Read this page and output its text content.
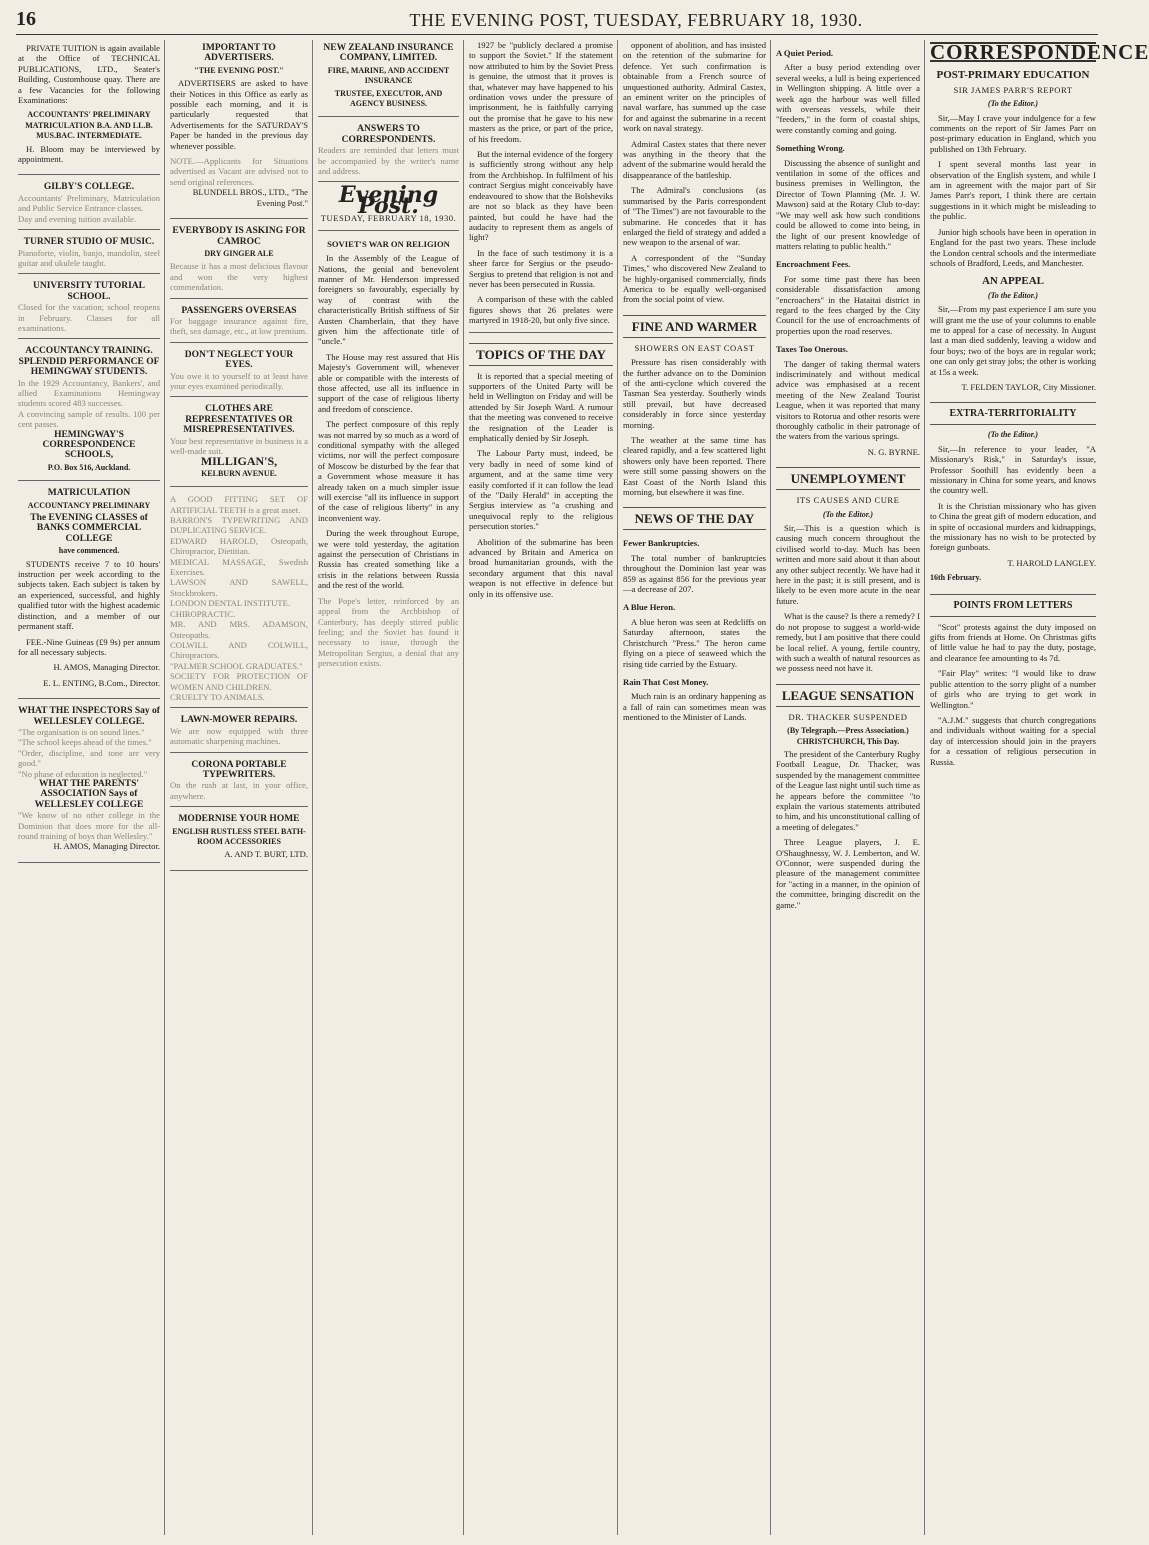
16	THE EVENING POST, TUESDAY, FEBRUARY 18, 1930.

PRIVATE TUITION is again available at the Office of TECHNICAL PUBLICATIONS, LTD., Seater's Building, Customhouse quay. There are a few Vacancies for the following Examinations:

ACCOUNTANTS' PRELIMINARY MATRICULATION B.A. AND LL.B. MUS.BAC. INTERMEDIATE.

H. Bloom may be interviewed by appointment.

GILBY'S COLLEGE.
Accountants' Preliminary, Matriculation and Public Service Entrance classes.
Day and evening tuition available.
TURNER STUDIO OF MUSIC.
Pianoforte, violin, banjo, mandolin, steel guitar and ukulele taught.
UNIVERSITY TUTORIAL SCHOOL.
Closed for the vacation; school reopens in February. Classes for all examinations.
ACCOUNTANCY TRAINING. SPLENDID PERFORMANCE OF HEMINGWAY STUDENTS.
In the 1929 Accountancy, Bankers', and allied Examinations Hemingway students scored 483 successes.
A convincing sample of results. 100 per cent passes.
HEMINGWAY'S CORRESPONDENCE SCHOOLS,
P.O. Box 516, Auckland.
MATRICULATION
ACCOUNTANCY PRELIMINARY
The EVENING CLASSES of BANKS COMMERCIAL COLLEGE
have commenced.

STUDENTS receive 7 to 10 hours' instruction per week according to the subjects taken. Each subject is taken by an experienced, successful, and highly qualified tutor with the highest academic distinction, and a member of our permanent staff.

FEE.-Nine Guineas (£9 9s) per annum for all necessary subjects.

H. AMOS, Managing Director.
E. L. ENTING, B.Com., Director.
WHAT THE INSPECTORS Say of
WELLESLEY COLLEGE.
"The organisation is on sound lines."
"The school keeps ahead of the times."
"Order, discipline, and tone are very good."
"No phase of education is neglected."
WHAT THE PARENTS' ASSOCIATION Says of WELLESLEY COLLEGE
"We know of no other college in the Dominion that does more for the all-round training of boys than Wellesley."
H. AMOS, Managing Director.
IMPORTANT TO ADVERTISERS.
"THE EVENING POST."

ADVERTISERS are asked to have their Notices in this Office as early as possible each morning, and it is particularly requested that Advertisements for the SATURDAY'S Paper be handed in the previous day whenever possible.

NOTE.—Applicants for Situations advertised as Vacant are advised not to send original references.
BLUNDELL BROS., LTD., "The Evening Post."
EVERYBODY IS ASKING FOR CAMROC
DRY GINGER ALE
Because it has a most delicious flavour and won the very highest commendation.
PASSENGERS OVERSEAS
For baggage insurance against fire, theft, sea damage, etc., at low premium.
DON'T NEGLECT YOUR EYES.
You owe it to yourself to at least have your eyes examined periodically.
CLOTHES ARE REPRESENTATIVES OR MISREPRESENTATIVES.
Your best representative in business is a well-made suit.
MILLIGAN'S,
KELBURN AVENUE.
A GOOD FITTING SET OF ARTIFICIAL TEETH is a great asset.
BARRON'S TYPEWRITING AND DUPLICATING SERVICE.
EDWARD HAROLD, Osteopath, Chiropractor, Dietitian.
MEDICAL MASSAGE, Swedish Exercises.
LAWSON AND SAWELL, Stockbrokers.
LONDON DENTAL INSTITUTE.
CHIROPRACTIC.
MR. AND MRS. ADAMSON, Osteopaths.
COLWILL AND COLWILL, Chiropractors.
"PALMER SCHOOL GRADUATES."
SOCIETY FOR PROTECTION OF WOMEN AND CHILDREN.
CRUELTY TO ANIMALS.
LAWN-MOWER REPAIRS.
We are now equipped with three automatic sharpening machines.
CORONA PORTABLE TYPEWRITERS.
On the rush at last, in your office, anywhere.
MODERNISE YOUR HOME
ENGLISH RUSTLESS STEEL BATH-ROOM ACCESSORIES
A. AND T. BURT, LTD.
NEW ZEALAND INSURANCE COMPANY, LIMITED.
FIRE, MARINE, AND ACCIDENT INSURANCE
TRUSTEE, EXECUTOR, AND AGENCY BUSINESS.
ANSWERS TO CORRESPONDENTS.
Readers are reminded that letters must be accompanied by the writer's name and address.
Evening Post.
TUESDAY, FEBRUARY 18, 1930.
SOVIET'S WAR ON RELIGION

In the Assembly of the League of Nations, the genial and benevolent manner of Mr. Henderson impressed foreigners so favourably, especially by way of contrast with the characteristically British stiffness of Sir Austen Chamberlain, that they have given him the affectionate title of "uncle."

The House may rest assured that His Majesty's Government will, whenever able or compatible with the interests of those affected, use all its influence in support of the case of religious liberty and freedom of conscience.

The perfect composure of this reply was not marred by so much as a word of conditional sympathy with the alleged victims, nor will the perfect composure of Moscow be disturbed by the fear that a Government whose measure it has already taken on a much simpler issue will exercise "all its influence in support of the case of religious liberty" in any inconvenient way.

During the week throughout Europe, we were told yesterday, the agitation against the persecution of Christians in Russia has created something like a crisis in the relations between Russia and the rest of the world.

The Pope's letter, reinforced by an appeal from the Archbishop of Canterbury, has deeply stirred public feeling; and the Soviet has found it necessary to issue, through the Metropolitan Sergius, a denial that any persecution exists.

1927 be "publicly declared a promise to support the Soviet." If the statement now attributed to him by the Soviet Press is genuine, the utmost that it proves is that, whatever may have happened to his ordination vows under the pressure of imprisonment, he is faithfully carrying out the promise that he gave to his new masters as the price, or part of the price, of his freedom.

But the internal evidence of the forgery is sufficiently strong without any help from the Archbishop. In fulfilment of his contract Sergius might conceivably have endeavoured to show that the Bolsheviks are not so black as they have been painted, but could he have had the audacity to represent them as angels of light?

In the face of such testimony it is a sheer farce for Sergius or the pseudo-Sergius to pretend that religion is not and never has been persecuted in Russia.

A comparison of these with the cabled figures shows that 26 prelates were martyred in 1918-20, but only five since.

TOPICS OF THE DAY

It is reported that a special meeting of supporters of the United Party will be held in Wellington on Friday and will be attended by Sir Joseph Ward. A rumour that the meeting was convened to receive the resignation of the Leader is emphatically denied by Sir Joseph.

The Labour Party must, indeed, be very badly in need of some kind of argument, and at the same time very easily comforted if it can follow the lead of the "Daily Herald" in accepting the Sergius interview as "a crushing and unequivocal reply to the religious persecution stories."

Abolition of the submarine has been advanced by Britain and America on broad humanitarian grounds, with the secondary argument that this naval weapon is not effective in defence but only in its offensive use.

opponent of abolition, and has insisted on the retention of the submarine for defence. Yet such confirmation is obtainable from a French source of unquestioned authority. Admiral Castex, an eminent writer on the principles of naval warfare, has summed up the case for and against the submarine in a recent work on naval strategy.

Admiral Castex states that there never was anything in the theory that the advent of the submarine would herald the disappearance of the battleship.

The Admiral's conclusions (as summarised by the Paris correspondent of "The Times") are not favourable to the submarine. He concedes that it has enlarged the field of strategy and added a new weapon to the arsenal of war.

A correspondent of the "Sunday Times," who discovered New Zealand to be highly-organised commercially, finds America to be equally well-organised from the social point of view.

FINE AND WARMER
SHOWERS ON EAST COAST

Pressure has risen considerably with the further advance on to the Dominion of the anti-cyclone which covered the Tasman Sea yesterday. Southerly winds still prevail, but have decreased considerably in force since yesterday morning.

The weather at the same time has cleared rapidly, and a few scattered light showers only have been reported. There were still some passing showers on the East Coast of the North Island this morning, but elsewhere it was fine.

NEWS OF THE DAY
Fewer Bankruptcies.

The total number of bankruptcies throughout the Dominion last year was 859 as against 856 for the previous year—a decrease of 207.

A Blue Heron.

A blue heron was seen at Redcliffs on Saturday afternoon, states the Christchurch "Press." The heron came flying on a piece of seaweed which the rising tide carried by the Estuary.

Rain That Cost Money.

Much rain is an ordinary happening as a fall of rain can sometimes mean was mentioned to the Minister of Lands.

A Quiet Period.

After a busy period extending over several weeks, a lull is being experienced in Wellington shipping. A little over a week ago the harbour was well filled with overseas vessels, while their "feeders," in the form of coastal ships, were constantly coming and going.

Something Wrong.

Discussing the absence of sunlight and ventilation in some of the offices and business premises in Wellington, the Director of Town Planning (Mr. J. W. Mawson) said at the Rotary Club to-day: "We may well ask how such conditions could be allowed to come into being, in the light of our present knowledge of matters relating to public health."

Encroachment Fees.

For some time past there has been considerable dissatisfaction among "encroachers" in the Hataitai district in regard to the fees charged by the City Council for the use of encroachments of properties upon the road reserves.

Taxes Too Onerous.

The danger of taking thermal waters indiscriminately and without medical advice was emphasised at a recent meeting of the New Zealand Tourist League, when it was reported that many visitors to Rotorua and other resorts were thoroughly catholic in their patronage of the waters from the various springs.

N. G. BYRNE.
UNEMPLOYMENT
ITS CAUSES AND CURE
(To the Editor.)

Sir,—This is a question which is causing much concern throughout the civilised world to-day. Much has been written and more said about it than about any other subject recently. We have had it here in the past; it is still present, and is likely to be even more acute in the near future.

What is the cause? Is there a remedy? I do not propose to suggest a world-wide remedy, but I am positive that there could be local relief. A young, fertile country, with such a wealth of natural resources as we possess need not have it.

LEAGUE SENSATION
DR. THACKER SUSPENDED
(By Telegraph.—Press Association.) CHRISTCHURCH, This Day.

The president of the Canterbury Rugby Football League, Dr. Thacker, was suspended by the management committee of the League last night until such time as he appears before the committee "to explain the various statements attributed to him, and his unconstitutional calling of a meeting of delegates."

Three League players, J. E. O'Shaughnessy, W. J. Lemberton, and W. O'Connor, were suspended during the pleasure of the management committee for "acting in a manner, in the opinion of the committee, bringing discredit on the game."

CORRESPONDENCE
POST-PRIMARY EDUCATION
SIR JAMES PARR'S REPORT
(To the Editor.)

Sir,—May I crave your indulgence for a few comments on the report of Sir James Parr on post-primary education in England, which you published on 13th February.

I spent several months last year in observation of the English system, and while I am in agreement with the major part of Sir James Parr's report, I think there are certain suggestions in it which might be misleading to the public.

Junior high schools have been in operation in England for the past two years. These include the London central schools and the intermediate schools of Bradford, Leeds, and Manchester.

AN APPEAL
(To the Editor.)

Sir,—From my past experience I am sure you will grant me the use of your columns to enable me to appeal for a case of necessity. In August last a man died suddenly, leaving a widow and four boys; two of the boys are in regular work; one can only get stray jobs; the other is working at 15s a week.

T. FELDEN TAYLOR, City Missioner.
EXTRA-TERRITORIALITY
(To the Editor.)

Sir,—In reference to your leader, "A Missionary's Risk," in Saturday's issue, Professor Soothill has evidently been a missionary in China for some years, and knows the country well.

It is the Christian missionary who has given to China the great gift of modern education, and in spite of occasional murders and kidnappings, the missionary has no wish to be protected by foreign gunboats.

T. HAROLD LANGLEY.
16th February.
POINTS FROM LETTERS

"Scot" protests against the duty imposed on gifts from friends at Home. On Christmas gifts of little value he had to pay the duty, postage, and clearance fee amounting to 4s 7d.

"Fair Play" writes: "I would like to draw public attention to the sorry plight of a number of girls who are trying to get work in Wellington."

"A.J.M." suggests that church congregations and individuals without waiting for a special day of intercession should join in the prayers for a cessation of religious persecution in Russia.
